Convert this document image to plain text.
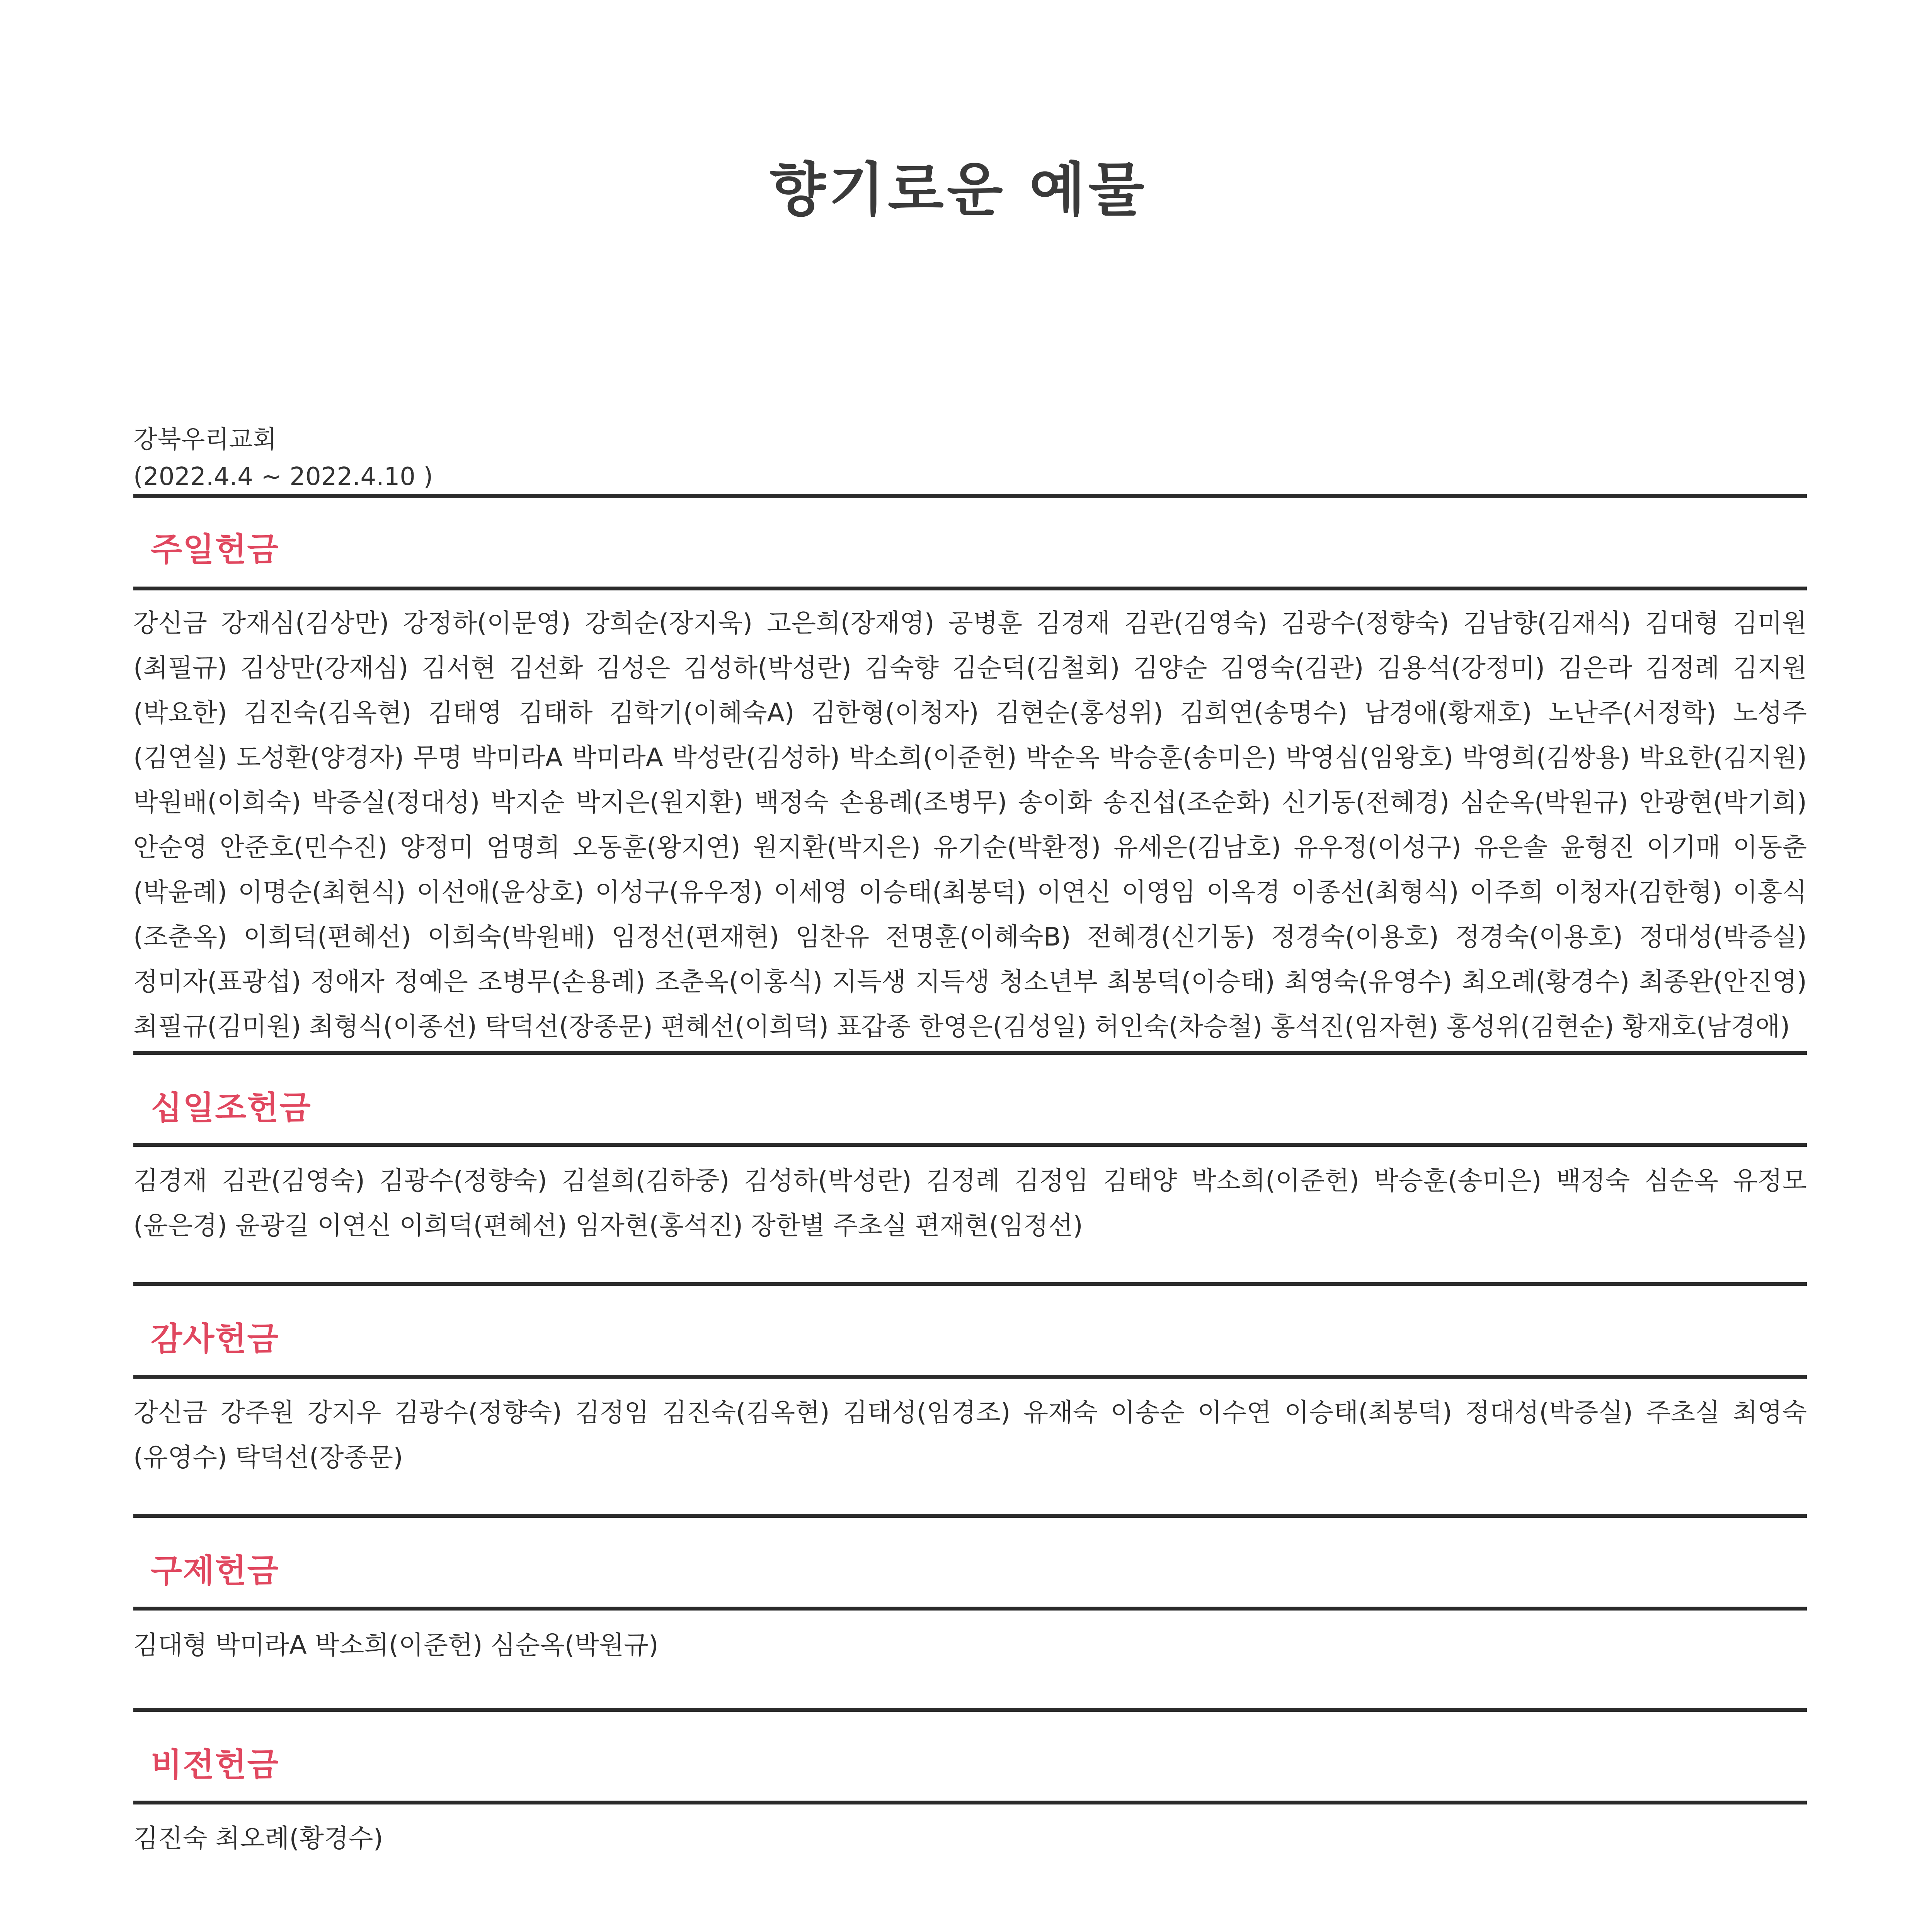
향기로운 예물
강북우리교회
(2022.4.4 ~ 2022.4.10 )
주일헌금
강신금 강재심(김상만) 강정하(이문영) 강희순(장지욱) 고은희(장재영) 공병훈 김경재 김관(김영숙) 김광수(정향숙) 김남향(김재식) 김대형 김미원(최필규) 김상만(강재심) 김서현 김선화 김성은 김성하(박성란) 김숙향 김순덕(김철회) 김양순 김영숙(김관) 김용석(강정미) 김은라 김정례 김지원(박요한) 김진숙(김옥현) 김태영 김태하 김학기(이혜숙A) 김한형(이청자) 김현순(홍성위) 김희연(송명수) 남경애(황재호) 노난주(서정학) 노성주(김연실) 도성환(양경자) 무명 박미라A 박미라A 박성란(김성하) 박소희(이준헌) 박순옥 박승훈(송미은) 박영심(임왕호) 박영희(김쌍용) 박요한(김지원) 박원배(이희숙) 박증실(정대성) 박지순 박지은(원지환) 백정숙 손용례(조병무) 송이화 송진섭(조순화) 신기동(전혜경) 심순옥(박원규) 안광현(박기희) 안순영 안준호(민수진) 양정미 엄명희 오동훈(왕지연) 원지환(박지은) 유기순(박환정) 유세은(김남호) 유우정(이성구) 유은솔 윤형진 이기매 이동춘(박윤례) 이명순(최현식) 이선애(윤상호) 이성구(유우정) 이세영 이승태(최봉덕) 이연신 이영임 이옥경 이종선(최형식) 이주희 이청자(김한형) 이홍식(조춘옥) 이희덕(편혜선) 이희숙(박원배) 임정선(편재현) 임찬유 전명훈(이혜숙B) 전혜경(신기동) 정경숙(이용호) 정경숙(이용호) 정대성(박증실) 정미자(표광섭) 정애자 정예은 조병무(손용례) 조춘옥(이홍식) 지득생 지득생 청소년부 최봉덕(이승태) 최영숙(유영수) 최오례(황경수) 최종완(안진영) 최필규(김미원) 최형식(이종선) 탁덕선(장종문) 편혜선(이희덕) 표갑종 한영은(김성일) 허인숙(차승철) 홍석진(임자현) 홍성위(김현순) 황재호(남경애)
십일조헌금
김경재 김관(김영숙) 김광수(정향숙) 김설희(김하중) 김성하(박성란) 김정례 김정임 김태양 박소희(이준헌) 박승훈(송미은) 백정숙 심순옥 유정모(윤은경) 윤광길 이연신 이희덕(편혜선) 임자현(홍석진) 장한별 주초실 편재현(임정선)
감사헌금
강신금 강주원 강지우 김광수(정향숙) 김정임 김진숙(김옥현) 김태성(임경조) 유재숙 이송순 이수연 이승태(최봉덕) 정대성(박증실) 주초실 최영숙(유영수) 탁덕선(장종문)
구제헌금
김대형 박미라A 박소희(이준헌) 심순옥(박원규)
비전헌금
김진숙 최오례(황경수)
